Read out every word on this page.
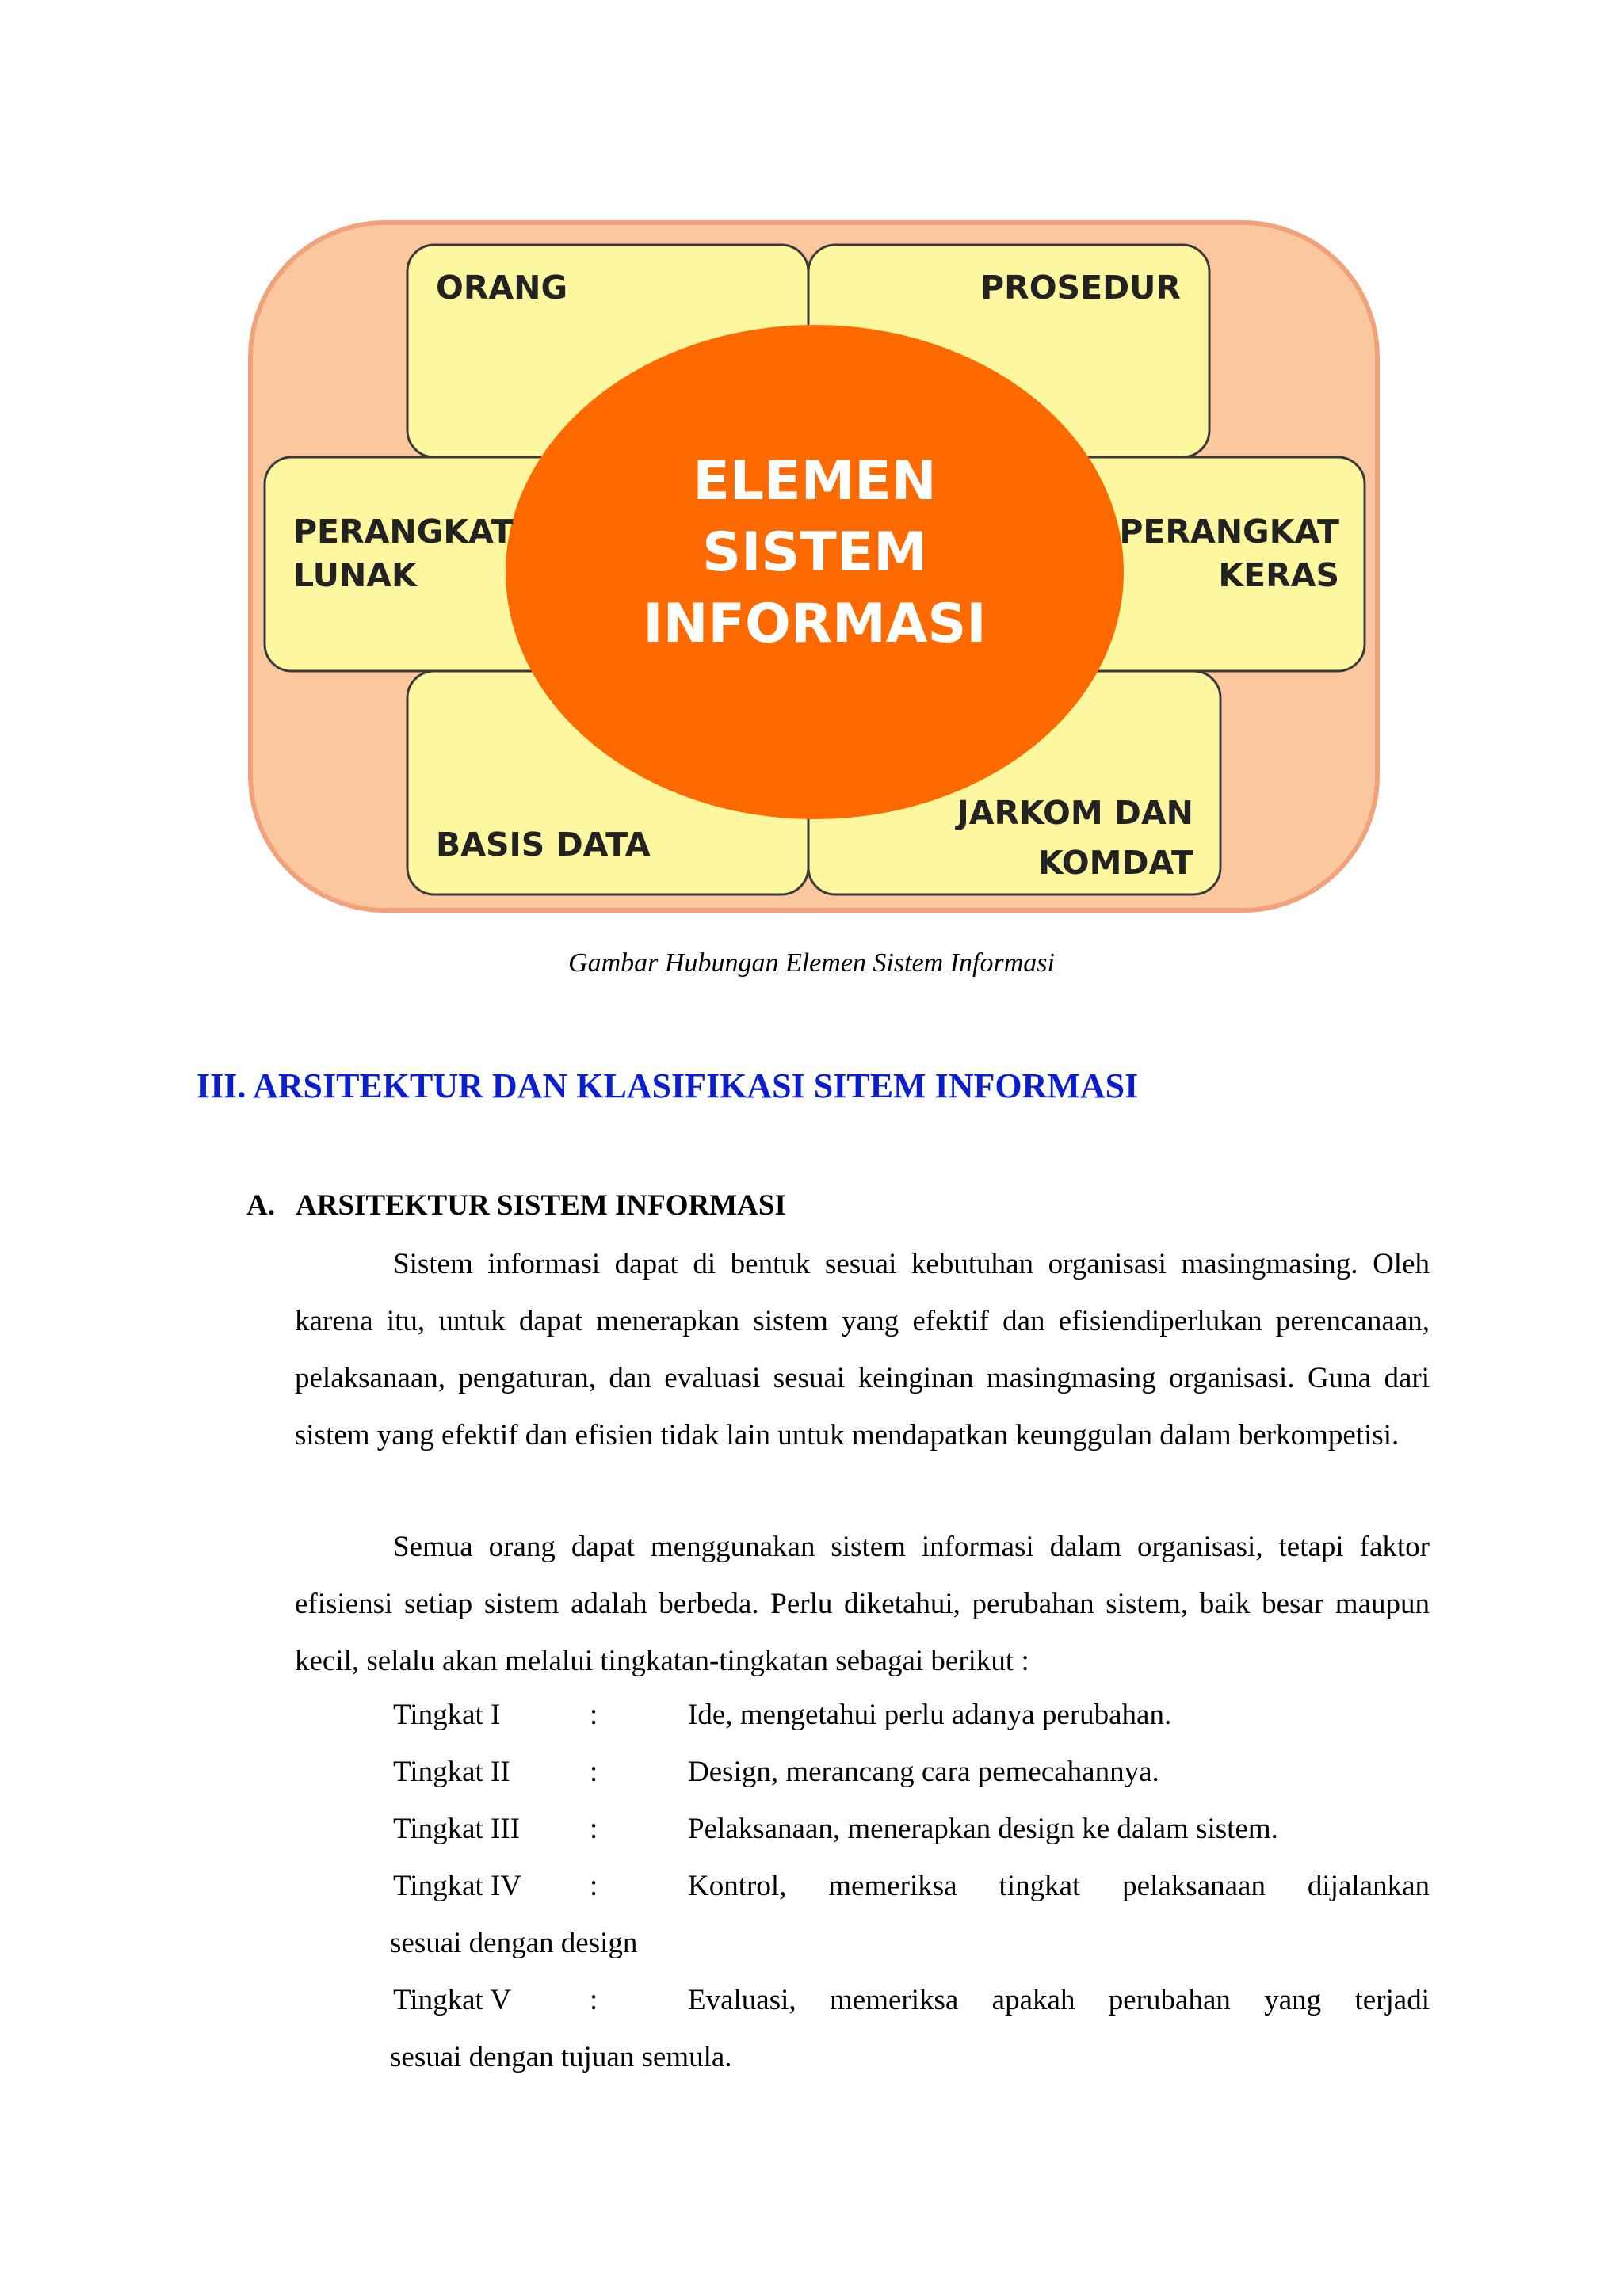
ORANG	PROSEDUR
PERANGKAT
LUNAK
PERANGKAT
KERAS
BASIS DATA
JARKOM DAN
KOMDAT
ELEMEN
SISTEM
INFORMASI
Gambar Hubungan Elemen Sistem Informasi
III. ARSITEKTUR DAN KLASIFIKASI SITEM INFORMASI
A. ARSITEKTUR SISTEM INFORMASI

Sistem informasi dapat di bentuk sesuai kebutuhan organisasi masingmasing. Oleh karena itu, untuk dapat menerapkan sistem yang efektif dan efisiendiperlukan perencanaan, pelaksanaan, pengaturan, dan evaluasi sesuai keinginan masingmasing organisasi. Guna dari sistem yang efektif dan efisien tidak lain untuk mendapatkan keunggulan dalam berkompetisi.

Semua orang dapat menggunakan sistem informasi dalam organisasi, tetapi faktor efisiensi setiap sistem adalah berbeda. Perlu diketahui, perubahan sistem, baik besar maupun kecil, selalu akan melalui tingkatan-tingkatan sebagai berikut :

Tingkat I	:	Ide, mengetahui perlu adanya perubahan.
Tingkat II	:	Design, merancang cara pemecahannya.
Tingkat III	:	Pelaksanaan, menerapkan design ke dalam sistem.
Tingkat IV	:	Kontrol, memeriksa tingkat pelaksanaan dijalankan
sesuai dengan design
Tingkat V	:	Evaluasi, memeriksa apakah perubahan yang terjadi
sesuai dengan tujuan semula.
